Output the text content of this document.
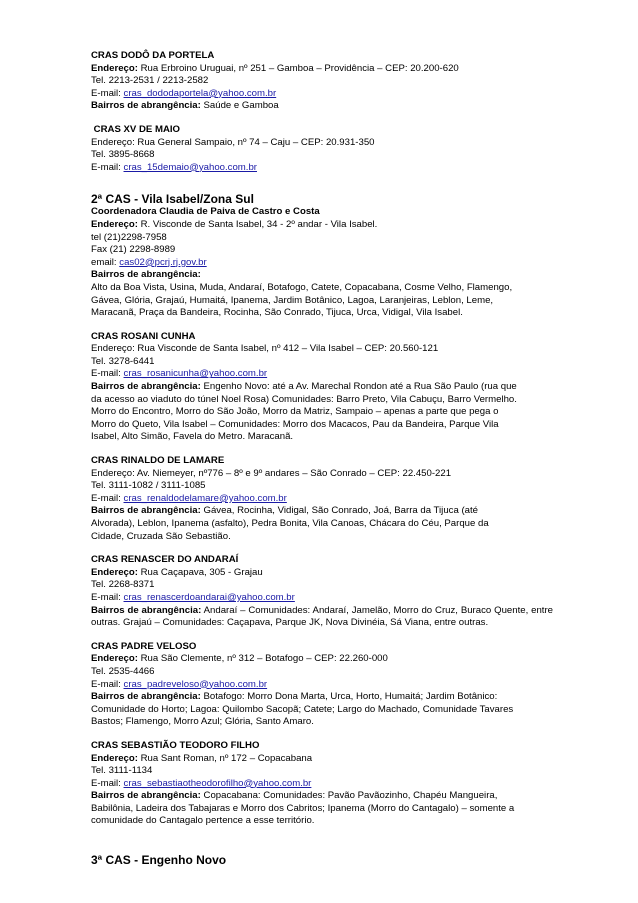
CRAS DODÔ DA PORTELA
Endereço: Rua Erbroino Uruguai, nº 251 – Gamboa – Providência – CEP: 20.200-620
Tel. 2213-2531 / 2213-2582
E-mail: cras_dododaportela@yahoo.com.br
Bairros de abrangência: Saúde e Gamboa
CRAS XV DE MAIO
Endereço: Rua General Sampaio, nº 74 – Caju – CEP: 20.931-350
Tel. 3895-8668
E-mail: cras_15demaio@yahoo.com.br
2ª CAS - Vila Isabel/Zona Sul
Coordenadora Claudia de Paiva de Castro e Costa
Endereço: R. Visconde de Santa Isabel, 34 - 2º andar - Vila Isabel.
tel (21)2298-7958
Fax (21) 2298-8989
email: cas02@pcrj.rj.gov.br
Bairros de abrangência:
Alto da Boa Vista, Usina, Muda, Andaraí, Botafogo, Catete, Copacabana, Cosme Velho, Flamengo,
Gávea, Glória, Grajaú, Humaitá, Ipanema, Jardim Botânico, Lagoa, Laranjeiras, Leblon, Leme,
Maracanã, Praça da Bandeira, Rocinha, São Conrado, Tijuca, Urca, Vidigal, Vila Isabel.
CRAS ROSANI CUNHA
Endereço: Rua Visconde de Santa Isabel, nº 412 – Vila Isabel – CEP: 20.560-121
Tel. 3278-6441
E-mail: cras_rosanicunha@yahoo.com.br
Bairros de abrangência: Engenho Novo: até a Av. Marechal Rondon até a Rua São Paulo (rua que
da acesso ao viaduto do túnel Noel Rosa) Comunidades: Barro Preto, Vila Cabuçu, Barro Vermelho.
Morro do Encontro, Morro do São João, Morro da Matriz, Sampaio – apenas a parte que pega o
Morro do Queto, Vila Isabel – Comunidades: Morro dos Macacos, Pau da Bandeira, Parque Vila
Isabel, Alto Simão, Favela do Metro. Maracanã.
CRAS RINALDO DE LAMARE
Endereço: Av. Niemeyer, nº776 – 8º e 9º andares – São Conrado – CEP: 22.450-221
Tel. 3111-1082 / 3111-1085
E-mail: cras_renaldodelamare@yahoo.com.br
Bairros de abrangência: Gávea, Rocinha, Vidigal, São Conrado, Joá, Barra da Tijuca (até
Alvorada), Leblon, Ipanema (asfalto), Pedra Bonita, Vila Canoas, Chácara do Céu, Parque da
Cidade, Cruzada São Sebastião.
CRAS RENASCER DO ANDARAÍ
Endereço: Rua Caçapava, 305 - Grajau
Tel. 2268-8371
E-mail: cras_renascerdoandarai@yahoo.com.br
Bairros de abrangência: Andaraí – Comunidades: Andaraí, Jamelão, Morro do Cruz, Buraco Quente, entre outras. Grajaú – Comunidades: Caçapava, Parque JK, Nova Divinéia, Sá Viana, entre outras.
CRAS PADRE VELOSO
Endereço: Rua São Clemente, nº 312 – Botafogo – CEP: 22.260-000
Tel. 2535-4466
E-mail: cras_padreveloso@yahoo.com.br
Bairros de abrangência: Botafogo: Morro Dona Marta, Urca, Horto, Humaitá; Jardim Botânico:
Comunidade do Horto; Lagoa: Quilombo Sacopã; Catete; Largo do Machado, Comunidade Tavares
Bastos; Flamengo, Morro Azul; Glória, Santo Amaro.
CRAS SEBASTIÃO TEODORO FILHO
Endereço: Rua Sant Roman, nº 172 – Copacabana
Tel. 3111-1134
E-mail: cras_sebastiaotheodorofilho@yahoo.com.br
Bairros de abrangência: Copacabana: Comunidades: Pavão Pavãozinho, Chapéu Mangueira,
Babilônia, Ladeira dos Tabajaras e Morro dos Cabritos; Ipanema (Morro do Cantagalo) – somente a
comunidade do Cantagalo pertence a esse território.
3ª CAS - Engenho Novo
